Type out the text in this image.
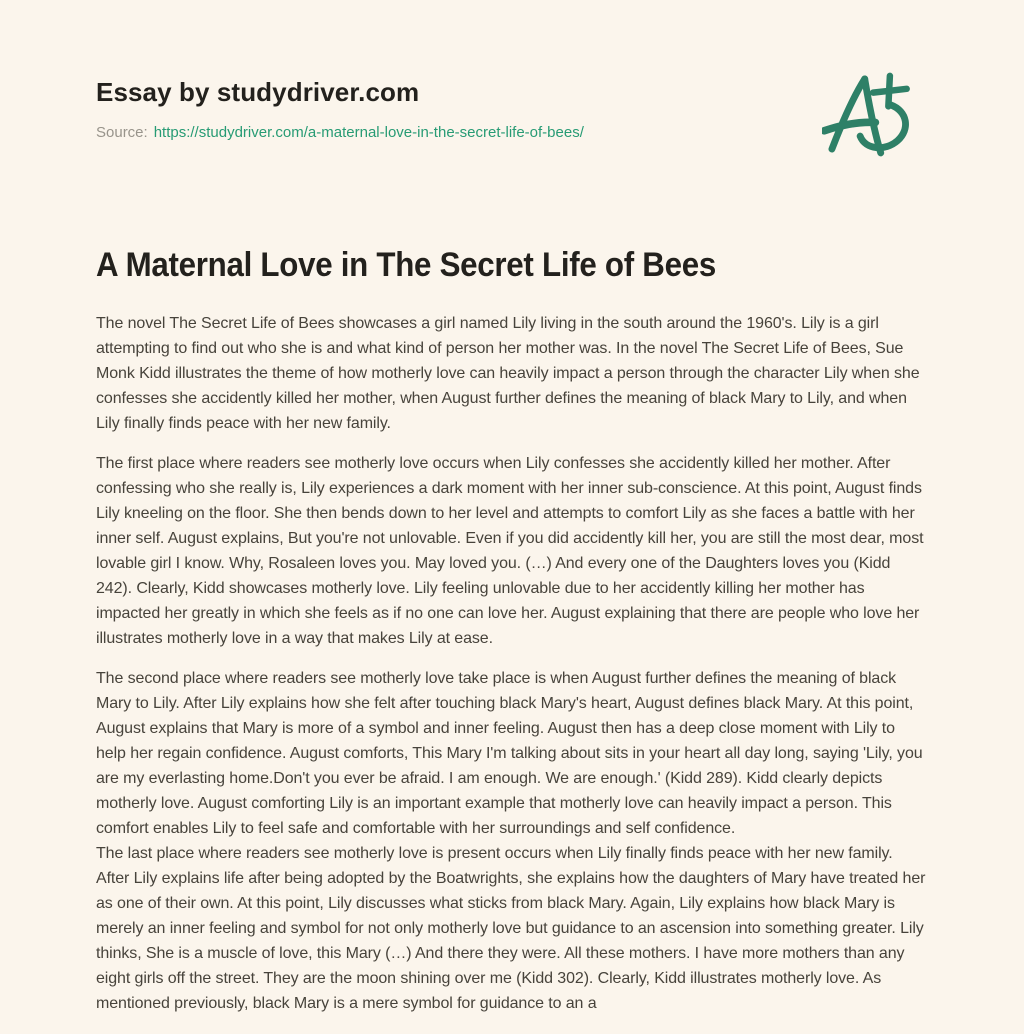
Essay by studydriver.com
Source: https://studydriver.com/a-maternal-love-in-the-secret-life-of-bees/
A Maternal Love in The Secret Life of Bees

The novel The Secret Life of Bees showcases a girl named Lily living in the south around the 1960's. Lily is a girl attempting to find out who she is and what kind of person her mother was. In the novel The Secret Life of Bees, Sue Monk Kidd illustrates the theme of how motherly love can heavily impact a person through the character Lily when she confesses she accidently killed her mother, when August further defines the meaning of black Mary to Lily, and when Lily finally finds peace with her new family.

The first place where readers see motherly love occurs when Lily confesses she accidently killed her mother. After confessing who she really is, Lily experiences a dark moment with her inner sub-conscience. At this point, August finds Lily kneeling on the floor. She then bends down to her level and attempts to comfort Lily as she faces a battle with her inner self. August explains, But you're not unlovable. Even if you did accidently kill her, you are still the most dear, most lovable girl I know. Why, Rosaleen loves you. May loved you. (…) And every one of the Daughters loves you (Kidd 242). Clearly, Kidd showcases motherly love. Lily feeling unlovable due to her accidently killing her mother has impacted her greatly in which she feels as if no one can love her. August explaining that there are people who love her illustrates motherly love in a way that makes Lily at ease.

The second place where readers see motherly love take place is when August further defines the meaning of black Mary to Lily. After Lily explains how she felt after touching black Mary's heart, August defines black Mary. At this point, August explains that Mary is more of a symbol and inner feeling. August then has a deep close moment with Lily to help her regain confidence. August comforts, This Mary I'm talking about sits in your heart all day long, saying 'Lily, you are my everlasting home.Don't you ever be afraid. I am enough. We are enough.' (Kidd 289). Kidd clearly depicts motherly love. August comforting Lily is an important example that motherly love can heavily impact a person. This comfort enables Lily to feel safe and comfortable with her surroundings and self confidence.

The last place where readers see motherly love is present occurs when Lily finally finds peace with her new family. After Lily explains life after being adopted by the Boatwrights, she explains how the daughters of Mary have treated her as one of their own. At this point, Lily discusses what sticks from black Mary. Again, Lily explains how black Mary is merely an inner feeling and symbol for not only motherly love but guidance to an ascension into something greater. Lily thinks, She is a muscle of love, this Mary (…) And there they were. All these mothers. I have more mothers than any eight girls off the street. They are the moon shining over me (Kidd 302). Clearly, Kidd illustrates motherly love. As mentioned previously, black Mary is a mere symbol for guidance to an a
